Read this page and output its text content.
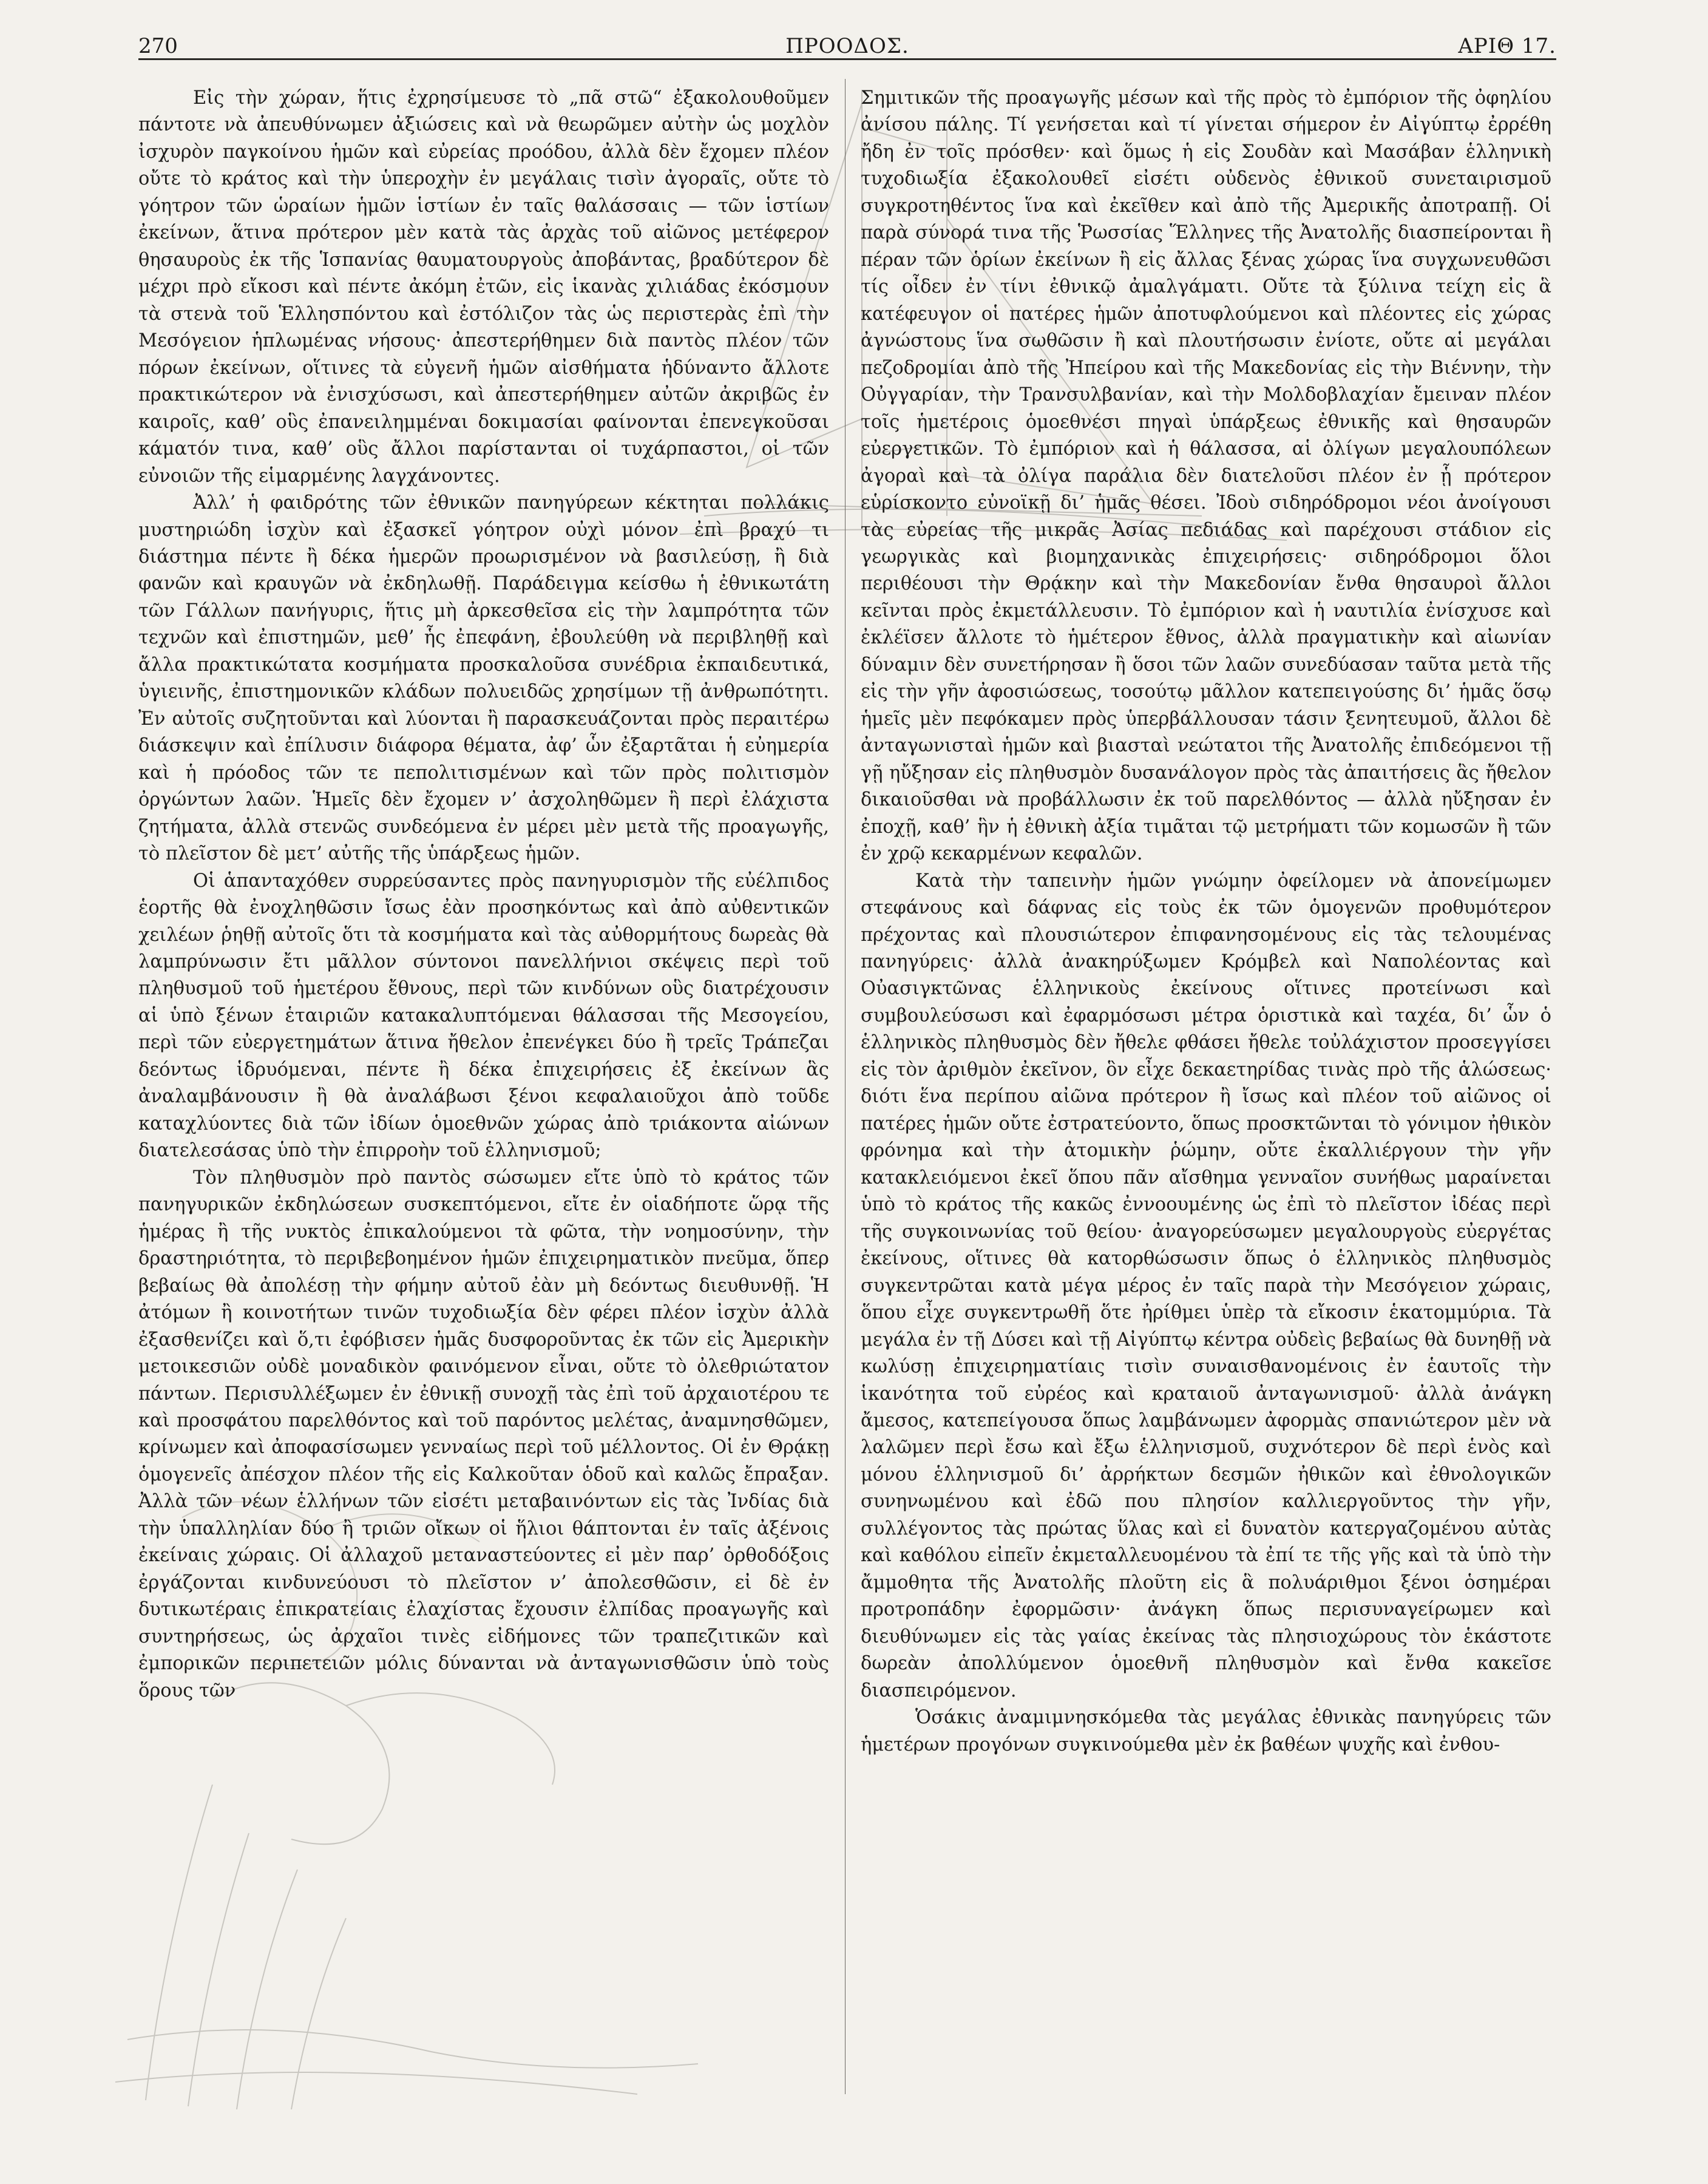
270	ΠΡΟΟΔΟΣ.	ΑΡΙΘ 17.

Εἰς τὴν χώραν, ἥτις ἐχρησίμευσε τὸ „πᾶ στῶ“ ἐξακολουθοῦμεν πάντοτε νὰ ἀπευθύνωμεν ἀξιώσεις καὶ νὰ θεωρῶμεν αὐτὴν ὡς μοχλὸν ἰσχυρὸν παγκοίνου ἡμῶν καὶ εὐρείας προόδου, ἀλλὰ δὲν ἔχομεν πλέον οὔτε τὸ κράτος καὶ τὴν ὑπεροχὴν ἐν μεγάλαις τισὶν ἀγοραῖς, οὔτε τὸ γόητρον τῶν ὡραίων ἡμῶν ἱστίων ἐν ταῖς θαλάσσαις — τῶν ἱστίων ἐκείνων, ἅτινα πρότερον μὲν κατὰ τὰς ἀρχὰς τοῦ αἰῶνος μετέφερον θησαυροὺς ἐκ τῆς Ἱσπανίας θαυματουργοὺς ἀποβάντας, βραδύτερον δὲ μέχρι πρὸ εἴκοσι καὶ πέντε ἀκόμη ἐτῶν, εἰς ἱκανὰς χιλιάδας ἐκόσμουν τὰ στενὰ τοῦ Ἑλλησπόντου καὶ ἐστόλιζον τὰς ὡς περιστερὰς ἐπὶ τὴν Μεσόγειον ἡπλωμένας νήσους· ἀπεστερήθημεν διὰ παντὸς πλέον τῶν πόρων ἐκείνων, οἵτινες τὰ εὐγενῆ ἡμῶν αἰσθήματα ἡδύναντο ἄλλοτε πρακτικώτερον νὰ ἐνισχύσωσι, καὶ ἀπεστερήθημεν αὐτῶν ἀκριβῶς ἐν καιροῖς, καθ’ οὓς ἐπανειλημμέναι δοκιμασίαι φαίνονται ἐπενεγκοῦσαι κάματόν τινα, καθ’ οὓς ἄλλοι παρίστανται οἱ τυχάρπαστοι, οἱ τῶν εὐνοιῶν τῆς εἱμαρμένης λαγχάνοντες.

Ἀλλ’ ἡ φαιδρότης τῶν ἐθνικῶν πανηγύρεων κέκτηται πολλάκις μυστηριώδη ἰσχὺν καὶ ἐξασκεῖ γόητρον οὐχὶ μόνον ἐπὶ βραχύ τι διάστημα πέντε ἢ δέκα ἡμερῶν προωρισμένον νὰ βασιλεύσῃ, ἢ διὰ φανῶν καὶ κραυγῶν νὰ ἐκδηλωθῇ. Παράδειγμα κείσθω ἡ ἐθνικωτάτη τῶν Γάλλων πανήγυρις, ἥτις μὴ ἀρκεσθεῖσα εἰς τὴν λαμπρότητα τῶν τεχνῶν καὶ ἐπιστημῶν, μεθ’ ἧς ἐπεφάνη, ἐβουλεύθη νὰ περιβληθῇ καὶ ἄλλα πρακτικώτατα κοσμήματα προσκαλοῦσα συνέδρια ἐκπαιδευτικά, ὑγιεινῆς, ἐπιστημονικῶν κλάδων πολυειδῶς χρησίμων τῇ ἀνθρωπότητι. Ἐν αὐτοῖς συζητοῦνται καὶ λύονται ἢ παρασκευάζονται πρὸς περαιτέρω διάσκεψιν καὶ ἐπίλυσιν διάφορα θέματα, ἀφ’ ὧν ἐξαρτᾶται ἡ εὐημερία καὶ ἡ πρόοδος τῶν τε πεπολιτισμένων καὶ τῶν πρὸς πολιτισμὸν ὀργώντων λαῶν. Ἡμεῖς δὲν ἔχομεν ν’ ἀσχοληθῶμεν ἢ περὶ ἐλάχιστα ζητήματα, ἀλλὰ στενῶς συνδεόμενα ἐν μέρει μὲν μετὰ τῆς προαγωγῆς, τὸ πλεῖστον δὲ μετ’ αὐτῆς τῆς ὑπάρξεως ἡμῶν.

Οἱ ἁπανταχόθεν συρρεύσαντες πρὸς πανηγυρισμὸν τῆς εὐέλπιδος ἑορτῆς θὰ ἐνοχληθῶσιν ἴσως ἐὰν προσηκόντως καὶ ἀπὸ αὐθεντικῶν χειλέων ῥηθῇ αὐτοῖς ὅτι τὰ κοσμήματα καὶ τὰς αὐθορμήτους δωρεὰς θὰ λαμπρύνωσιν ἔτι μᾶλλον σύντονοι πανελλήνιοι σκέψεις περὶ τοῦ πληθυσμοῦ τοῦ ἡμετέρου ἔθνους, περὶ τῶν κινδύνων οὓς διατρέχουσιν αἱ ὑπὸ ξένων ἑταιριῶν κατακαλυπτόμεναι θάλασσαι τῆς Μεσογείου, περὶ τῶν εὐεργετημάτων ἅτινα ἤθελον ἐπενέγκει δύο ἢ τρεῖς Τράπεζαι δεόντως ἱδρυόμεναι, πέντε ἢ δέκα ἐπιχειρήσεις ἐξ ἐκείνων ἃς ἀναλαμβάνουσιν ἢ θὰ ἀναλάβωσι ξένοι κεφαλαιοῦχοι ἀπὸ τοῦδε καταχλύοντες διὰ τῶν ἰδίων ὁμοεθνῶν χώρας ἀπὸ τριάκοντα αἰώνων διατελεσάσας ὑπὸ τὴν ἐπιρροὴν τοῦ ἑλληνισμοῦ;

Τὸν πληθυσμὸν πρὸ παντὸς σώσωμεν εἴτε ὑπὸ τὸ κράτος τῶν πανηγυρικῶν ἐκδηλώσεων συσκεπτόμενοι, εἴτε ἐν οἱαδήποτε ὥρᾳ τῆς ἡμέρας ἢ τῆς νυκτὸς ἐπικαλούμενοι τὰ φῶτα, τὴν νοημοσύνην, τὴν δραστηριότητα, τὸ περιβεβοημένον ἡμῶν ἐπιχειρηματικὸν πνεῦμα, ὅπερ βεβαίως θὰ ἀπολέσῃ τὴν φήμην αὐτοῦ ἐὰν μὴ δεόντως διευθυνθῇ. Ἡ ἀτόμων ἢ κοινοτήτων τινῶν τυχοδιωξία δὲν φέρει πλέον ἰσχὺν ἀλλὰ ἐξασθενίζει καὶ ὅ,τι ἐφόβισεν ἡμᾶς δυσφοροῦντας ἐκ τῶν εἰς Ἀμερικὴν μετοικεσιῶν οὐδὲ μοναδικὸν φαινόμενον εἶναι, οὔτε τὸ ὀλεθριώτατον πάντων. Περισυλλέξωμεν ἐν ἐθνικῇ συνοχῇ τὰς ἐπὶ τοῦ ἀρχαιοτέρου τε καὶ προσφάτου παρελθόντος καὶ τοῦ παρόντος μελέτας, ἀναμνησθῶμεν, κρίνωμεν καὶ ἀποφασίσωμεν γενναίως περὶ τοῦ μέλλοντος. Οἱ ἐν Θρᾴκῃ ὁμογενεῖς ἀπέσχον πλέον τῆς εἰς Καλκοῦταν ὁδοῦ καὶ καλῶς ἔπραξαν. Ἀλλὰ τῶν νέων ἑλλήνων τῶν εἰσέτι μεταβαινόντων εἰς τὰς Ἰνδίας διὰ τὴν ὑπαλληλίαν δύο ἢ τριῶν οἴκων οἱ ἥλιοι θάπτονται ἐν ταῖς ἀξένοις ἐκείναις χώραις. Οἱ ἀλλαχοῦ μεταναστεύοντες εἰ μὲν παρ’ ὀρθοδόξοις ἐργάζονται κινδυνεύουσι τὸ πλεῖστον ν’ ἀπολεσθῶσιν, εἰ δὲ ἐν δυτικωτέραις ἐπικρατείαις ἐλαχίστας ἔχουσιν ἐλπίδας προαγωγῆς καὶ συντηρήσεως, ὡς ἀρχαῖοι τινὲς εἰδήμονες τῶν τραπεζιτικῶν καὶ ἐμπορικῶν περιπετειῶν μόλις δύνανται νὰ ἀνταγωνισθῶσιν ὑπὸ τοὺς ὅρους τῶν

Σημιτικῶν τῆς προαγωγῆς μέσων καὶ τῆς πρὸς τὸ ἐμπόριον τῆς ὀφηλίου ἀνίσου πάλης. Τί γενήσεται καὶ τί γίνεται σήμερον ἐν Αἰγύπτῳ ἐρρέθη ἤδη ἐν τοῖς πρόσθεν· καὶ ὅμως ἡ εἰς Σουδὰν καὶ Μασάβαν ἑλληνικὴ τυχοδιωξία ἐξακολουθεῖ εἰσέτι οὐδενὸς ἐθνικοῦ συνεταιρισμοῦ συγκροτηθέντος ἵνα καὶ ἐκεῖθεν καὶ ἀπὸ τῆς Ἀμερικῆς ἀποτραπῇ. Οἱ παρὰ σύνορά τινα τῆς Ῥωσσίας Ἕλληνες τῆς Ἀνατολῆς διασπείρονται ἢ πέραν τῶν ὁρίων ἐκείνων ἢ εἰς ἄλλας ξένας χώρας ἵνα συγχωνευθῶσι τίς οἶδεν ἐν τίνι ἐθνικῷ ἀμαλγάματι. Οὔτε τὰ ξύλινα τείχη εἰς ἃ κατέφευγον οἱ πατέρες ἡμῶν ἀποτυφλούμενοι καὶ πλέοντες εἰς χώρας ἀγνώστους ἵνα σωθῶσιν ἢ καὶ πλουτήσωσιν ἐνίοτε, οὔτε αἱ μεγάλαι πεζοδρομίαι ἀπὸ τῆς Ἠπείρου καὶ τῆς Μακεδονίας εἰς τὴν Βιέννην, τὴν Οὐγγαρίαν, τὴν Τρανσυλβανίαν, καὶ τὴν Μολδοβλαχίαν ἔμειναν πλέον τοῖς ἡμετέροις ὁμοεθνέσι πηγαὶ ὑπάρξεως ἐθνικῆς καὶ θησαυρῶν εὐεργετικῶν. Τὸ ἐμπόριον καὶ ἡ θάλασσα, αἱ ὀλίγων μεγαλουπόλεων ἀγοραὶ καὶ τὰ ὀλίγα παράλια δὲν διατελοῦσι πλέον ἐν ᾗ πρότερον εὑρίσκοντο εὐνοϊκῇ δι’ ἡμᾶς θέσει. Ἰδοὺ σιδηρόδρομοι νέοι ἀνοίγουσι τὰς εὐρείας τῆς μικρᾶς Ἀσίας πεδιάδας καὶ παρέχουσι στάδιον εἰς γεωργικὰς καὶ βιομηχανικὰς ἐπιχειρήσεις· σιδηρόδρομοι ὅλοι περιθέουσι τὴν Θρᾴκην καὶ τὴν Μακεδονίαν ἔνθα θησαυροὶ ἄλλοι κεῖνται πρὸς ἐκμετάλλευσιν. Τὸ ἐμπόριον καὶ ἡ ναυτιλία ἐνίσχυσε καὶ ἐκλέϊσεν ἄλλοτε τὸ ἡμέτερον ἔθνος, ἀλλὰ πραγματικὴν καὶ αἰωνίαν δύναμιν δὲν συνετήρησαν ἢ ὅσοι τῶν λαῶν συνεδύασαν ταῦτα μετὰ τῆς εἰς τὴν γῆν ἀφοσιώσεως, τοσούτῳ μᾶλλον κατεπειγούσης δι’ ἡμᾶς ὅσῳ ἡμεῖς μὲν πεφόκαμεν πρὸς ὑπερβάλλουσαν τάσιν ξενητευμοῦ, ἄλλοι δὲ ἀνταγωνισταὶ ἡμῶν καὶ βιασταὶ νεώτατοι τῆς Ἀνατολῆς ἐπιδεόμενοι τῇ γῇ ηὔξησαν εἰς πληθυσμὸν δυσανάλογον πρὸς τὰς ἀπαιτήσεις ἃς ἤθελον δικαιοῦσθαι νὰ προβάλλωσιν ἐκ τοῦ παρελθόντος — ἀλλὰ ηὔξησαν ἐν ἐποχῇ, καθ’ ἣν ἡ ἐθνικὴ ἀξία τιμᾶται τῷ μετρήματι τῶν κομωσῶν ἢ τῶν ἐν χρῷ κεκαρμένων κεφαλῶν.

Κατὰ τὴν ταπεινὴν ἡμῶν γνώμην ὀφείλομεν νὰ ἀπονείμωμεν στεφάνους καὶ δάφνας εἰς τοὺς ἐκ τῶν ὁμογενῶν προθυμότερον πρέχοντας καὶ πλουσιώτερον ἐπιφανησομένους εἰς τὰς τελουμένας πανηγύρεις· ἀλλὰ ἀνακηρύξωμεν Κρόμβελ καὶ Ναπολέοντας καὶ Οὐασιγκτῶνας ἑλληνικοὺς ἐκείνους οἵτινες προτείνωσι καὶ συμβουλεύσωσι καὶ ἐφαρμόσωσι μέτρα ὁριστικὰ καὶ ταχέα, δι’ ὧν ὁ ἑλληνικὸς πληθυσμὸς δὲν ἤθελε φθάσει ἤθελε τοὐλάχιστον προσεγγίσει εἰς τὸν ἀριθμὸν ἐκεῖνον, ὃν εἶχε δεκαετηρίδας τινὰς πρὸ τῆς ἁλώσεως· διότι ἕνα περίπου αἰῶνα πρότερον ἢ ἴσως καὶ πλέον τοῦ αἰῶνος οἱ πατέρες ἡμῶν οὔτε ἐστρατεύοντο, ὅπως προσκτῶνται τὸ γόνιμον ἠθικὸν φρόνημα καὶ τὴν ἀτομικὴν ῥώμην, οὔτε ἐκαλλιέργουν τὴν γῆν κατακλειόμενοι ἐκεῖ ὅπου πᾶν αἴσθημα γενναῖον συνήθως μαραίνεται ὑπὸ τὸ κράτος τῆς κακῶς ἐννοουμένης ὡς ἐπὶ τὸ πλεῖστον ἰδέας περὶ τῆς συγκοινωνίας τοῦ θείου· ἀναγορεύσωμεν μεγαλουργοὺς εὐεργέτας ἐκείνους, οἵτινες θὰ κατορθώσωσιν ὅπως ὁ ἑλληνικὸς πληθυσμὸς συγκεντρῶται κατὰ μέγα μέρος ἐν ταῖς παρὰ τὴν Μεσόγειον χώραις, ὅπου εἶχε συγκεντρωθῆ ὅτε ἠρίθμει ὑπὲρ τὰ εἴκοσιν ἑκατομμύρια. Τὰ μεγάλα ἐν τῇ Δύσει καὶ τῇ Αἰγύπτῳ κέντρα οὐδεὶς βεβαίως θὰ δυνηθῇ νὰ κωλύσῃ ἐπιχειρηματίαις τισὶν συναισθανομένοις ἐν ἑαυτοῖς τὴν ἱκανότητα τοῦ εὐρέος καὶ κραταιοῦ ἀνταγωνισμοῦ· ἀλλὰ ἀνάγκη ἄμεσος, κατεπείγουσα ὅπως λαμβάνωμεν ἀφορμὰς σπανιώτερον μὲν νὰ λαλῶμεν περὶ ἔσω καὶ ἔξω ἑλληνισμοῦ, συχνότερον δὲ περὶ ἑνὸς καὶ μόνου ἑλληνισμοῦ δι’ ἀρρήκτων δεσμῶν ἠθικῶν καὶ ἐθνολογικῶν συνηνωμένου καὶ ἐδῶ που πλησίον καλλιεργοῦντος τὴν γῆν, συλλέγοντος τὰς πρώτας ὕλας καὶ εἰ δυνατὸν κατεργαζομένου αὐτὰς καὶ καθόλου εἰπεῖν ἐκμεταλλευομένου τὰ ἐπί τε τῆς γῆς καὶ τὰ ὑπὸ τὴν ἄμμοθητα τῆς Ἀνατολῆς πλοῦτη εἰς ἃ πολυάριθμοι ξένοι ὁσημέραι προτροπάδην ἐφορμῶσιν· ἀνάγκη ὅπως περισυναγείρωμεν καὶ διευθύνωμεν εἰς τὰς γαίας ἐκείνας τὰς πλησιοχώρους τὸν ἑκάστοτε δωρεὰν ἀπολλύμενον ὁμοεθνῆ πληθυσμὸν καὶ ἔνθα κακεῖσε διασπειρόμενον.

Ὁσάκις ἀναμιμνησκόμεθα τὰς μεγάλας ἐθνικὰς πανηγύρεις τῶν ἡμετέρων προγόνων συγκινούμεθα μὲν ἐκ βαθέων ψυχῆς καὶ ἐνθου-
